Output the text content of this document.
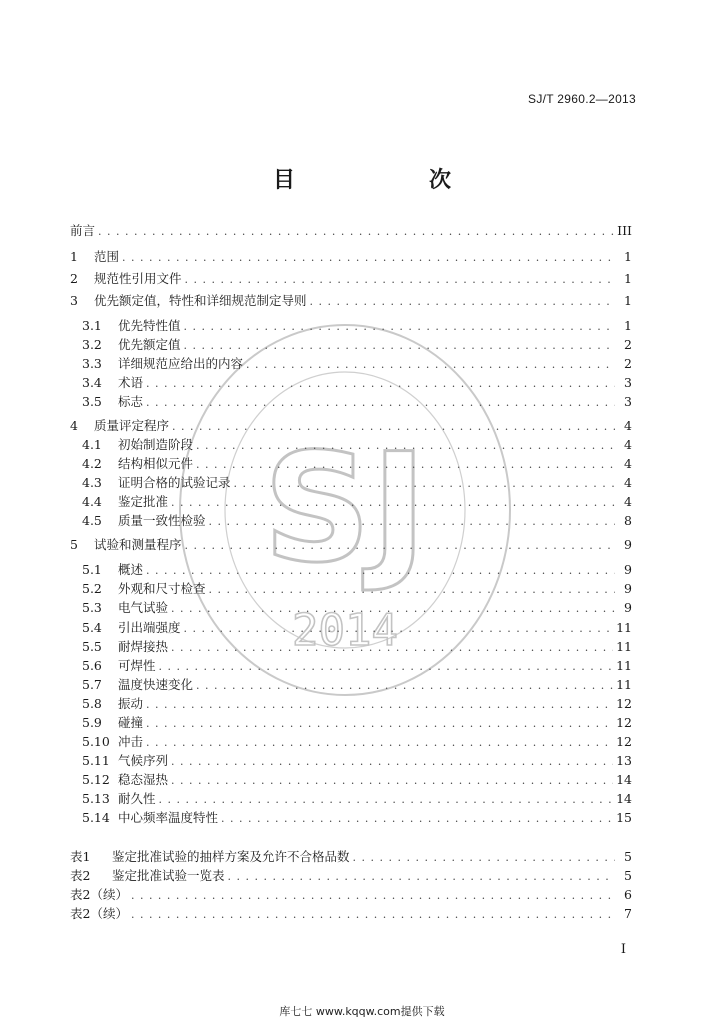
SJ/T 2960.2—2013
目　　次
前言 . . .	III
1	范围 . . .	1
2	规范性引用文件 . . .	1
3	优先额定值，特性和详细规范制定导则 . . .	1
3.1	优先特性值 . . .	1
3.2	优先额定值 . . .	2
3.3	详细规范应给出的内容 . . .	2
3.4	术语 . . .	3
3.5	标志 . . .	3
4	质量评定程序 . . .	4
4.1	初始制造阶段 . . .	4
4.2	结构相似元件 . . .	4
4.3	证明合格的试验记录 . . .	4
4.4	鉴定批准 . . .	4
4.5	质量一致性检验 . . .	8
5	试验和测量程序 . . .	9
5.1	概述 . . .	9
5.2	外观和尺寸检查 . . .	9
5.3	电气试验 . . .	9
5.4	引出端强度 . . .	11
5.5	耐焊接热 . . .	11
5.6	可焊性 . . .	11
5.7	温度快速变化 . . .	11
5.8	振动 . . .	12
5.9	碰撞 . . .	12
5.10 冲击 . . .	12
5.11 气候序列 . . .	13
5.12 稳态湿热 . . .	14
5.13 耐久性 . . .	14
5.14 中心频率温度特性 . . .	15
表1	鉴定批准试验的抽样方案及允许不合格品数 . . .	5
表2	鉴定批准试验一览表 . . .	5
表2（续） . . .	6
表2（续） . . .	7
SJ
2014
I
库七七 www.kqqw.com提供下载
